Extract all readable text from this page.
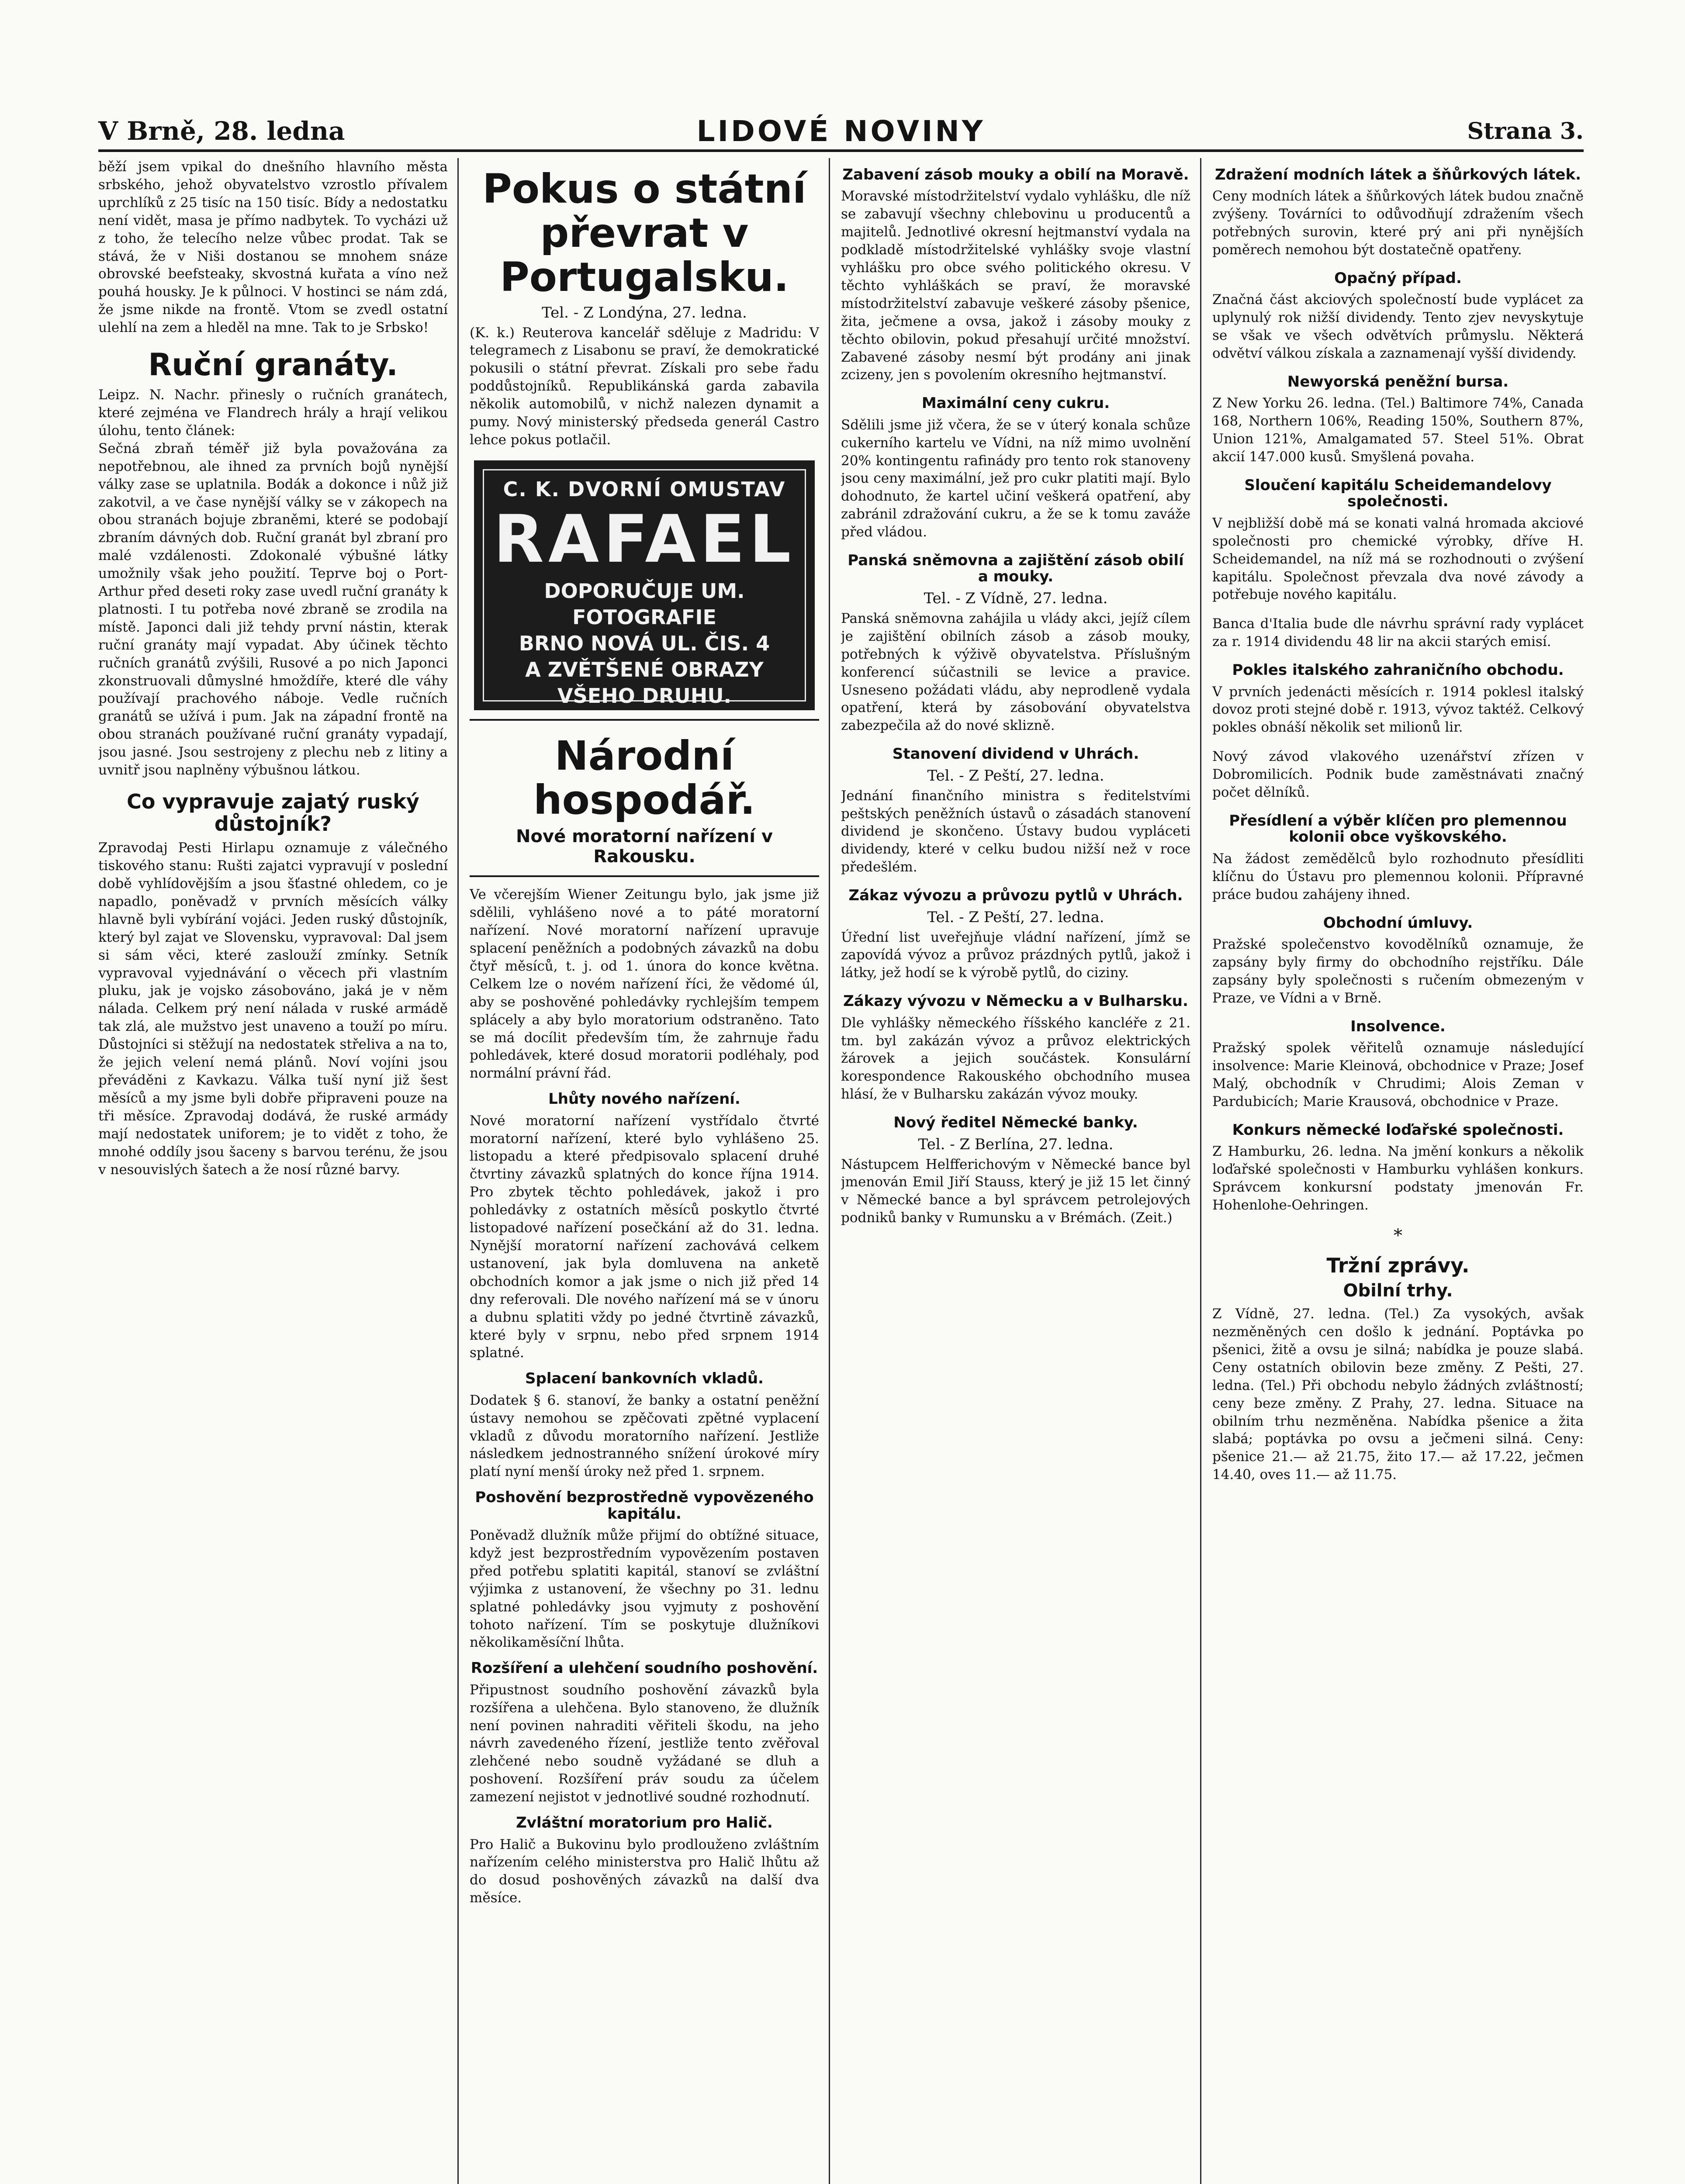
V Brně, 28. ledna	LIDOVÉ NOVINY	Strana 3.

běží jsem vpikal do dnešního hlavního města srbského, jehož obyvatelstvo vzrostlo přívalem uprchlíků z 25 tisíc na 150 tisíc. Bídy a nedostatku není vidět, masa je přímo nadbytek. To vycházi už z toho, že telecího nelze vůbec prodat. Tak se stává, že v Niši dostanou se mnohem snáze obrovské beefsteaky, skvostná kuřata a víno než pouhá housky. Je k půlnoci. V hostinci se nám zdá, že jsme nikde na frontě. Vtom se zvedl ostatní ulehlí na zem a hleděl na mne. Tak to je Srbsko!

Ruční granáty.

Leipz. N. Nachr. přinesly o ručních granátech, které zejména ve Flandrech hrály a hrají velikou úlohu, tento článek:

Sečná zbraň téměř již byla považována za nepotřebnou, ale ihned za prvních bojů nynější války zase se uplatnila. Bodák a dokonce i nůž již zakotvil, a ve čase nynější války se v zákopech na obou stranách bojuje zbraněmi, které se podobají zbraním dávných dob. Ruční granát byl zbraní pro malé vzdálenosti. Zdokonalé výbušné látky umožnily však jeho použití. Teprve boj o Port-Arthur před deseti roky zase uvedl ruční granáty k platnosti. I tu potřeba nové zbraně se zrodila na místě. Japonci dali již tehdy první nástin, kterak ruční granáty mají vypadat. Aby účinek těchto ručních granátů zvýšili, Rusové a po nich Japonci zkonstruovali důmyslné hmoždíře, které dle váhy používají prachového náboje. Vedle ručních granátů se užívá i pum. Jak na západní frontě na obou stranách používané ruční granáty vypadají, jsou jasné. Jsou sestrojeny z plechu neb z litiny a uvnitř jsou naplněny výbušnou látkou.

Co vypravuje zajatý ruský důstojník?

Zpravodaj Pesti Hirlapu oznamuje z válečného tiskového stanu: Rušti zajatci vypravují v poslední době vyhlídovějším a jsou šťastné ohledem, co je napadlo, poněvadž v prvních měsících války hlavně byli vybírání vojáci. Jeden ruský důstojník, který byl zajat ve Slovensku, vypravoval: Dal jsem si sám věci, které zaslouží zmínky. Setník vypravoval vyjednávání o věcech při vlastním pluku, jak je vojsko zásobováno, jaká je v něm nálada. Celkem prý není nálada v ruské armádě tak zlá, ale mužstvo jest unaveno a touží po míru. Důstojníci si stěžují na nedostatek střeliva a na to, že jejich velení nemá plánů. Noví vojíni jsou převáděni z Kavkazu. Válka tuší nyní již šest měsíců a my jsme byli dobře připraveni pouze na tři měsíce. Zpravodaj dodává, že ruské armády mají nedostatek uniforem; je to vidět z toho, že mnohé oddíly jsou šaceny s barvou terénu, že jsou v nesouvislých šatech a že nosí různé barvy.

Pokus o státní převrat v Portugalsku.
Tel. - Z Londýna, 27. ledna.

(K. k.) Reuterova kancelář sděluje z Madridu: V telegramech z Lisabonu se praví, že demokratické pokusili o státní převrat. Získali pro sebe řadu poddůstojníků. Republikánská garda zabavila několik automobilů, v nichž nalezen dynamit a pumy. Nový ministerský předseda generál Castro lehce pokus potlačil.

C. K. DVORNÍ OMUSTAV
RAFAEL
DOPORUČUJE UM. FOTOGRAFIE
BRNO NOVÁ UL. ČIS. 4
A ZVĚTŠENÉ OBRAZY VŠEHO DRUHU.
Národní hospodář.
Nové moratorní nařízení v Rakousku.

Ve včerejším Wiener Zeitungu bylo, jak jsme již sdělili, vyhlášeno nové a to páté moratorní nařízení. Nové moratorní nařízení upravuje splacení peněžních a podobných závazků na dobu čtyř měsíců, t. j. od 1. února do konce května. Celkem lze o novém nařízení říci, že vědomé úl, aby se poshověné pohledávky rychlejším tempem splácely a aby bylo moratorium odstraněno. Tato se má docílit především tím, že zahrnuje řadu pohledávek, které dosud moratorii podléhaly, pod normální právní řád.

Lhůty nového nařízení.

Nové moratorní nařízení vystřídalo čtvrté moratorní nařízení, které bylo vyhlášeno 25. listopadu a které předpisovalo splacení druhé čtvrtiny závazků splatných do konce října 1914. Pro zbytek těchto pohledávek, jakož i pro pohledávky z ostatních měsíců poskytlo čtvrté listopadové nařízení posečkání až do 31. ledna. Nynější moratorní nařízení zachovává celkem ustanovení, jak byla domluvena na anketě obchodních komor a jak jsme o nich již před 14 dny referovali. Dle nového nařízení má se v únoru a dubnu splatiti vždy po jedné čtvrtině závazků, které byly v srpnu, nebo před srpnem 1914 splatné.

Splacení bankovních vkladů.

Dodatek § 6. stanoví, že banky a ostatní peněžní ústavy nemohou se zpěčovati zpětné vyplacení vkladů z důvodu moratorního nařízení. Jestliže následkem jednostranného snížení úrokové míry platí nyní menší úroky než před 1. srpnem.

Poshovění bezprostředně vypovězeného kapitálu.

Poněvadž dlužník může přijmí do obtížné situace, když jest bezprostředním vypovězením postaven před potřebu splatiti kapitál, stanoví se zvláštní výjimka z ustanovení, že všechny po 31. lednu splatné pohledávky jsou vyjmuty z poshovění tohoto nařízení. Tím se poskytuje dlužníkovi několikaměsíční lhůta.

Rozšíření a ulehčení soudního poshovění.

Připustnost soudního poshovění závazků byla rozšířena a ulehčena. Bylo stanoveno, že dlužník není povinen nahraditi věřiteli škodu, na jeho návrh zavedeného řízení, jestliže tento zvěřoval zlehčené nebo soudně vyžádané se dluh a poshovení. Rozšíření práv soudu za účelem zamezení nejistot v jednotlivé soudné rozhodnutí.

Zvláštní moratorium pro Halič.

Pro Halič a Bukovinu bylo prodlouženo zvláštním nařízením celého ministerstva pro Halič lhůtu až do dosud poshověných závazků na další dva měsíce.

Zabavení zásob mouky a obilí na Moravě.

Moravské místodržitelství vydalo vyhlášku, dle níž se zabavují všechny chlebovinu u producentů a majitelů. Jednotlivé okresní hejtmanství vydala na podkladě místodržitelské vyhlášky svoje vlastní vyhlášku pro obce svého politického okresu. V těchto vyhláškách se praví, že moravské místodržitelství zabavuje veškeré zásoby pšenice, žita, ječmene a ovsa, jakož i zásoby mouky z těchto obilovin, pokud přesahují určité množství. Zabavené zásoby nesmí být prodány ani jinak zcizeny, jen s povolením okresního hejtmanství.

Maximální ceny cukru.

Sdělili jsme již včera, že se v úterý konala schůze cukerního kartelu ve Vídni, na níž mimo uvolnění 20% kontingentu rafinády pro tento rok stanoveny jsou ceny maximální, jež pro cukr platiti mají. Bylo dohodnuto, že kartel učiní veškerá opatření, aby zabránil zdražování cukru, a že se k tomu zaváže před vládou.

Panská sněmovna a zajištění zásob obilí a mouky.
Tel. - Z Vídně, 27. ledna.

Panská sněmovna zahájila u vlády akci, jejíž cílem je zajištění obilních zásob a zásob mouky, potřebných k výživě obyvatelstva. Příslušným konferencí súčastnili se levice a pravice. Usneseno požádati vládu, aby neprodleně vydala opatření, která by zásobování obyvatelstva zabezpečila až do nové sklizně.

Stanovení dividend v Uhrách.
Tel. - Z Peští, 27. ledna.

Jednání finančního ministra s ředitelstvími peštských peněžních ústavů o zásadách stanovení dividend je skončeno. Ústavy budou vypláceti dividendy, které v celku budou nižší než v roce předešlém.

Zákaz vývozu a průvozu pytlů v Uhrách.
Tel. - Z Peští, 27. ledna.

Úřední list uveřejňuje vládní nařízení, jímž se zapovídá vývoz a průvoz prázdných pytlů, jakož i látky, jež hodí se k výrobě pytlů, do ciziny.

Zákazy vývozu v Německu a v Bulharsku.

Dle vyhlášky německého říšského kancléře z 21. tm. byl zakázán vývoz a průvoz elektrických žárovek a jejich součástek. Konsulární korespondence Rakouského obchodního musea hlásí, že v Bulharsku zakázán vývoz mouky.

Nový ředitel Německé banky.
Tel. - Z Berlína, 27. ledna.

Nástupcem Helfferichovým v Německé bance byl jmenován Emil Jiří Stauss, který je již 15 let činný v Německé bance a byl správcem petrolejových podniků banky v Rumunsku a v Brémách. (Zeit.)

Zdražení modních látek a šňůrkových látek.

Ceny modních látek a šňůrkových látek budou značně zvýšeny. Továrníci to odůvodňují zdražením všech potřebných surovin, které prý ani při nynějších poměrech nemohou být dostatečně opatřeny.

Opačný případ.

Značná část akciových společností bude vyplácet za uplynulý rok nižší dividendy. Tento zjev nevyskytuje se však ve všech odvětvích průmyslu. Některá odvětví válkou získala a zaznamenají vyšší dividendy.

Newyorská peněžní bursa.

Z New Yorku 26. ledna. (Tel.) Baltimore 74%, Canada 168, Northern 106%, Reading 150%, Southern 87%, Union 121%, Amalgamated 57. Steel 51%. Obrat akcií 147.000 kusů. Smyšlená povaha.

Sloučení kapitálu Scheidemandelovy společnosti.

V nejbližší době má se konati valná hromada akciové společnosti pro chemické výrobky, dříve H. Scheidemandel, na níž má se rozhodnouti o zvýšení kapitálu. Společnost převzala dva nové závody a potřebuje nového kapitálu.

Banca d'Italia bude dle návrhu správní rady vyplácet za r. 1914 dividendu 48 lir na akcii starých emisí.

Pokles italského zahraničního obchodu.

V prvních jedenácti měsících r. 1914 poklesl italský dovoz proti stejné době r. 1913, vývoz taktéž. Celkový pokles obnáší několik set milionů lir.

Nový závod vlakového uzenářství zřízen v Dobromilicích. Podnik bude zaměstnávati značný počet dělníků.

Přesídlení a výběr klíčen pro plemennou kolonii obce vyškovského.

Na žádost zemědělců bylo rozhodnuto přesídliti klíčnu do Ústavu pro plemennou kolonii. Přípravné práce budou zahájeny ihned.

Obchodní úmluvy.

Pražské společenstvo kovodělníků oznamuje, že zapsány byly firmy do obchodního rejstříku. Dále zapsány byly společnosti s ručením obmezeným v Praze, ve Vídni a v Brně.

Insolvence.

Pražský spolek věřitelů oznamuje následující insolvence: Marie Kleinová, obchodnice v Praze; Josef Malý, obchodník v Chrudimi; Alois Zeman v Pardubicích; Marie Krausová, obchodnice v Praze.

Konkurs německé loďařské společnosti.

Z Hamburku, 26. ledna. Na jmění konkurs a několik loďařské společnosti v Hamburku vyhlášen konkurs. Správcem konkursní podstaty jmenován Fr. Hohenlohe-Oehringen.

*
Tržní zprávy.
Obilní trhy.

Z Vídně, 27. ledna. (Tel.) Za vysokých, avšak nezměněných cen došlo k jednání. Poptávka po pšenici, žitě a ovsu je silná; nabídka je pouze slabá. Ceny ostatních obilovin beze změny. Z Pešti, 27. ledna. (Tel.) Při obchodu nebylo žádných zvláštností; ceny beze změny. Z Prahy, 27. ledna. Situace na obilním trhu nezměněna. Nabídka pšenice a žita slabá; poptávka po ovsu a ječmeni silná. Ceny: pšenice 21.— až 21.75, žito 17.— až 17.22, ječmen 14.40, oves 11.— až 11.75.
